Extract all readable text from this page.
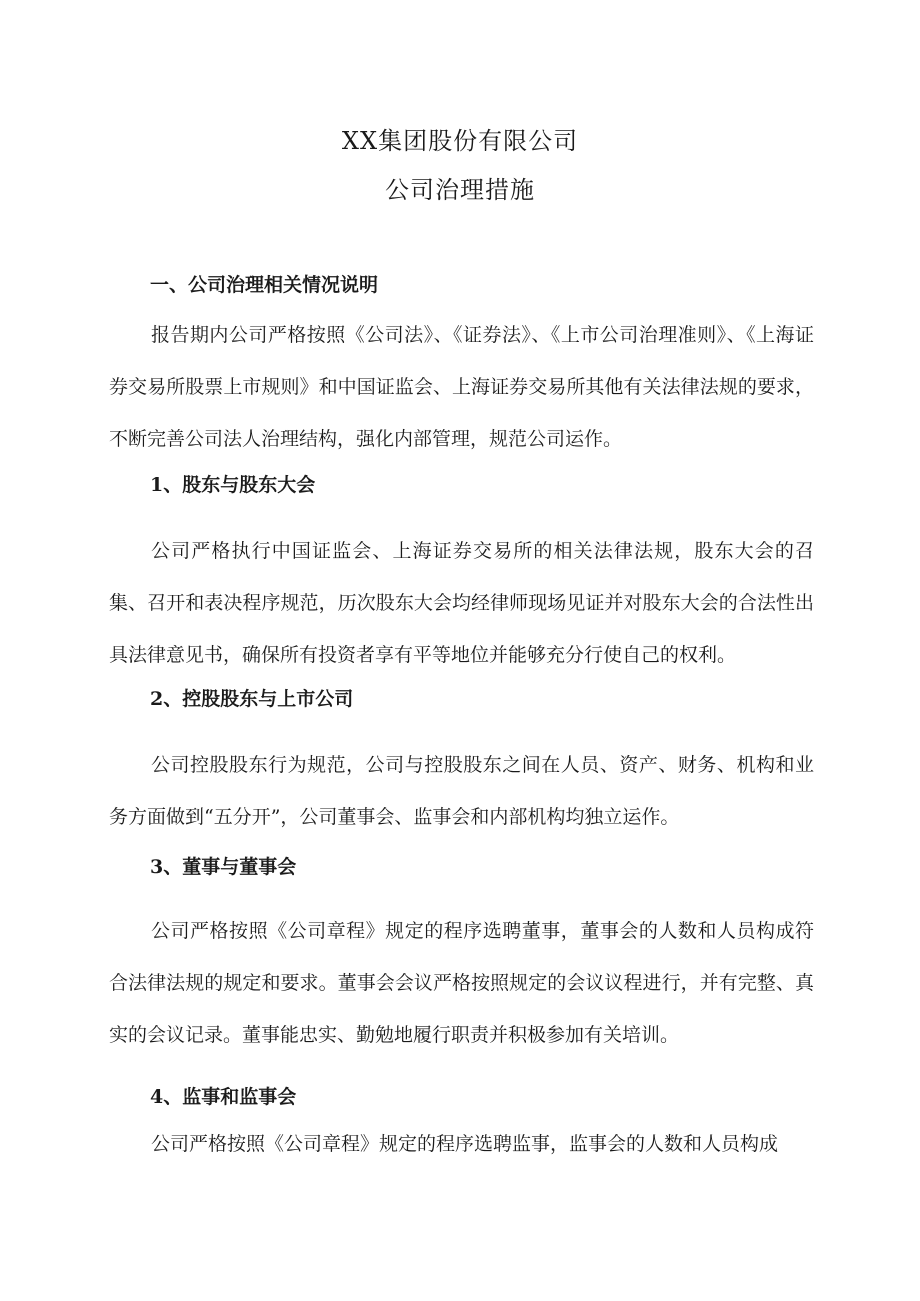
XX集团股份有限公司
公司治理措施
一、公司治理相关情况说明
报告期内公司严格按照《公司法》、《证券法》、《上市公司治理准则》、《上海证券交易所股票上市规则》和中国证监会、上海证券交易所其他有关法律法规的要求，不断完善公司法人治理结构，强化内部管理，规范公司运作。
1、股东与股东大会
公司严格执行中国证监会、上海证券交易所的相关法律法规，股东大会的召集、召开和表决程序规范，历次股东大会均经律师现场见证并对股东大会的合法性出具法律意见书，确保所有投资者享有平等地位并能够充分行使自己的权利。
2、控股股东与上市公司
公司控股股东行为规范，公司与控股股东之间在人员、资产、财务、机构和业务方面做到“五分开”，公司董事会、监事会和内部机构均独立运作。
3、董事与董事会
公司严格按照《公司章程》规定的程序选聘董事，董事会的人数和人员构成符合法律法规的规定和要求。董事会会议严格按照规定的会议议程进行，并有完整、真实的会议记录。董事能忠实、勤勉地履行职责并积极参加有关培训。
4、监事和监事会
公司严格按照《公司章程》规定的程序选聘监事，监事会的人数和人员构成
